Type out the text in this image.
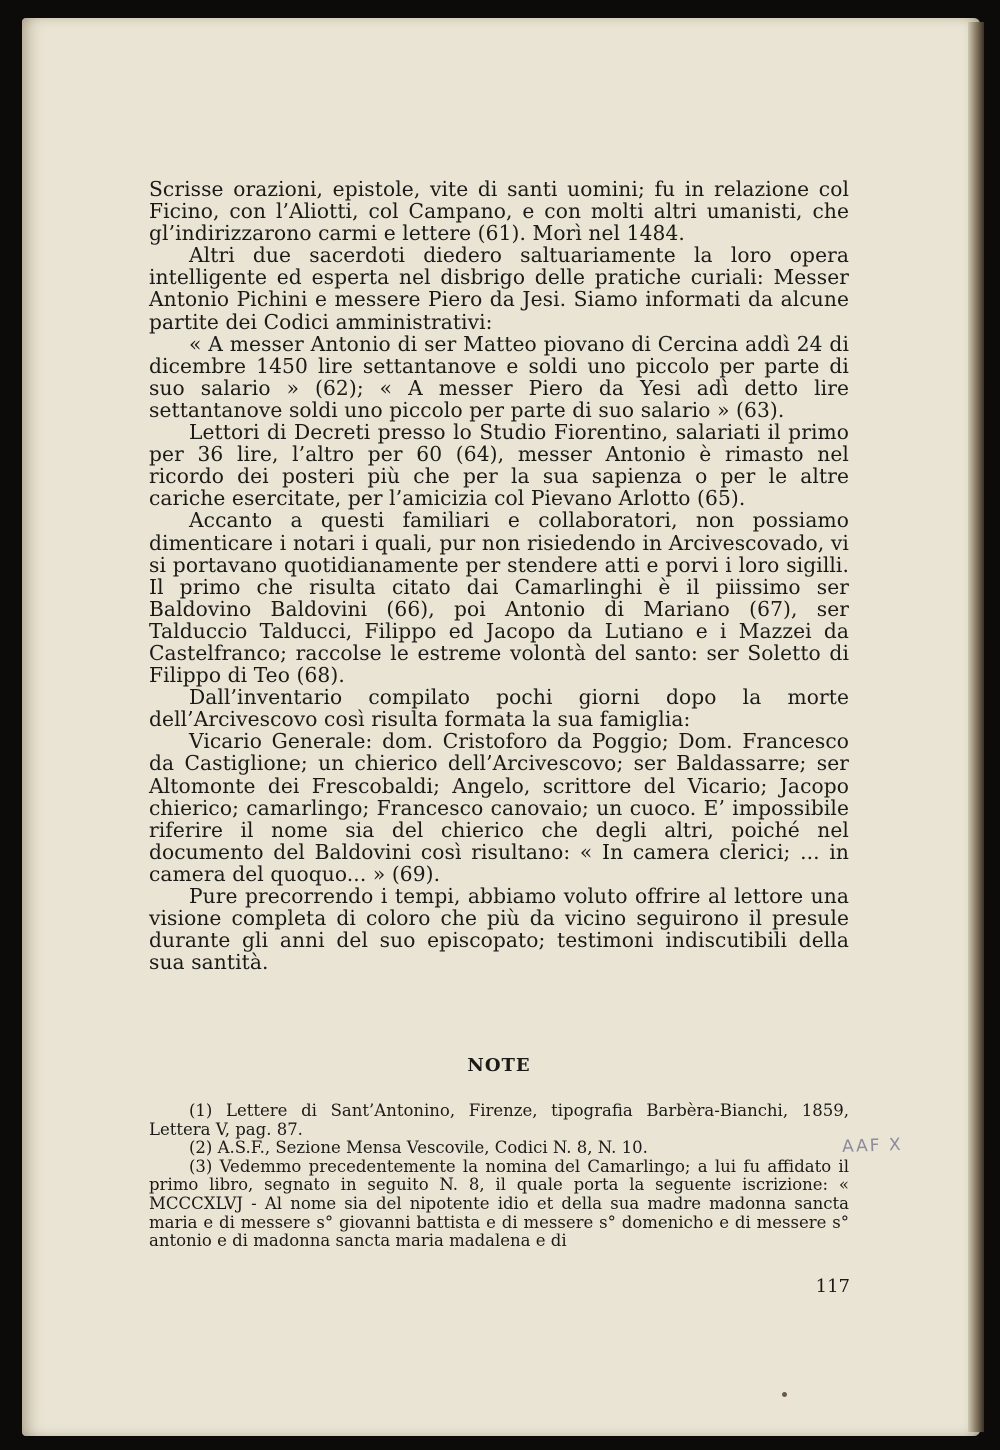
Scrisse orazioni, epistole, vite di santi uomini; fu in relazione col Ficino, con l’Aliotti, col Campano, e con molti altri umanisti, che gl’indirizzarono carmi e lettere (61). Morì nel 1484.

Altri due sacerdoti diedero saltuariamente la loro opera intelligente ed esperta nel disbrigo delle pratiche curiali: Messer Antonio Pichini e messere Piero da Jesi. Siamo informati da alcune partite dei Codici amministrativi:

« A messer Antonio di ser Matteo piovano di Cercina addì 24 di dicembre 1450 lire settantanove e soldi uno piccolo per parte di suo salario » (62); « A messer Piero da Yesi adì detto lire settantanove soldi uno piccolo per parte di suo salario » (63).

Lettori di Decreti presso lo Studio Fiorentino, salariati il primo per 36 lire, l’altro per 60 (64), messer Antonio è rimasto nel ricordo dei posteri più che per la sua sapienza o per le altre cariche esercitate, per l’amicizia col Pievano Arlotto (65).

Accanto a questi familiari e collaboratori, non possiamo dimenticare i notari i quali, pur non risiedendo in Arcivescovado, vi si portavano quotidianamente per stendere atti e porvi i loro sigilli. Il primo che risulta citato dai Camarlinghi è il piissimo ser Baldovino Baldovini (66), poi Antonio di Mariano (67), ser Talduccio Talducci, Filippo ed Jacopo da Lutiano e i Mazzei da Castelfranco; raccolse le estreme volontà del santo: ser Soletto di Filippo di Teo (68).

Dall’inventario compilato pochi giorni dopo la morte dell’Arcivescovo così risulta formata la sua famiglia:

Vicario Generale: dom. Cristoforo da Poggio; Dom. Francesco da Castiglione; un chierico dell’Arcivescovo; ser Baldassarre; ser Altomonte dei Frescobaldi; Angelo, scrittore del Vicario; Jacopo chierico; camarlingo; Francesco canovaio; un cuoco. E’ impossibile riferire il nome sia del chierico che degli altri, poiché nel documento del Baldovini così risultano: « In camera clerici; ... in camera del quoquo... » (69).

Pure precorrendo i tempi, abbiamo voluto offrire al lettore una visione completa di coloro che più da vicino seguirono il presule durante gli anni del suo episcopato; testimoni indiscutibili della sua santità.

NOTE

(1) Lettere di Sant’Antonino, Firenze, tipografia Barbèra-Bianchi, 1859, Lettera V, pag. 87.

(2) A.S.F., Sezione Mensa Vescovile, Codici N. 8, N. 10.

(3) Vedemmo precedentemente la nomina del Camarlingo; a lui fu affidato il primo libro, segnato in seguito N. 8, il quale porta la seguente iscrizione: « MCCCXLVJ - Al nome sia del nipotente idio et della sua madre madonna sancta maria e di messere s° giovanni battista e di messere s° domenicho e di messere s° antonio e di madonna sancta maria madalena e di

AAF X
117
